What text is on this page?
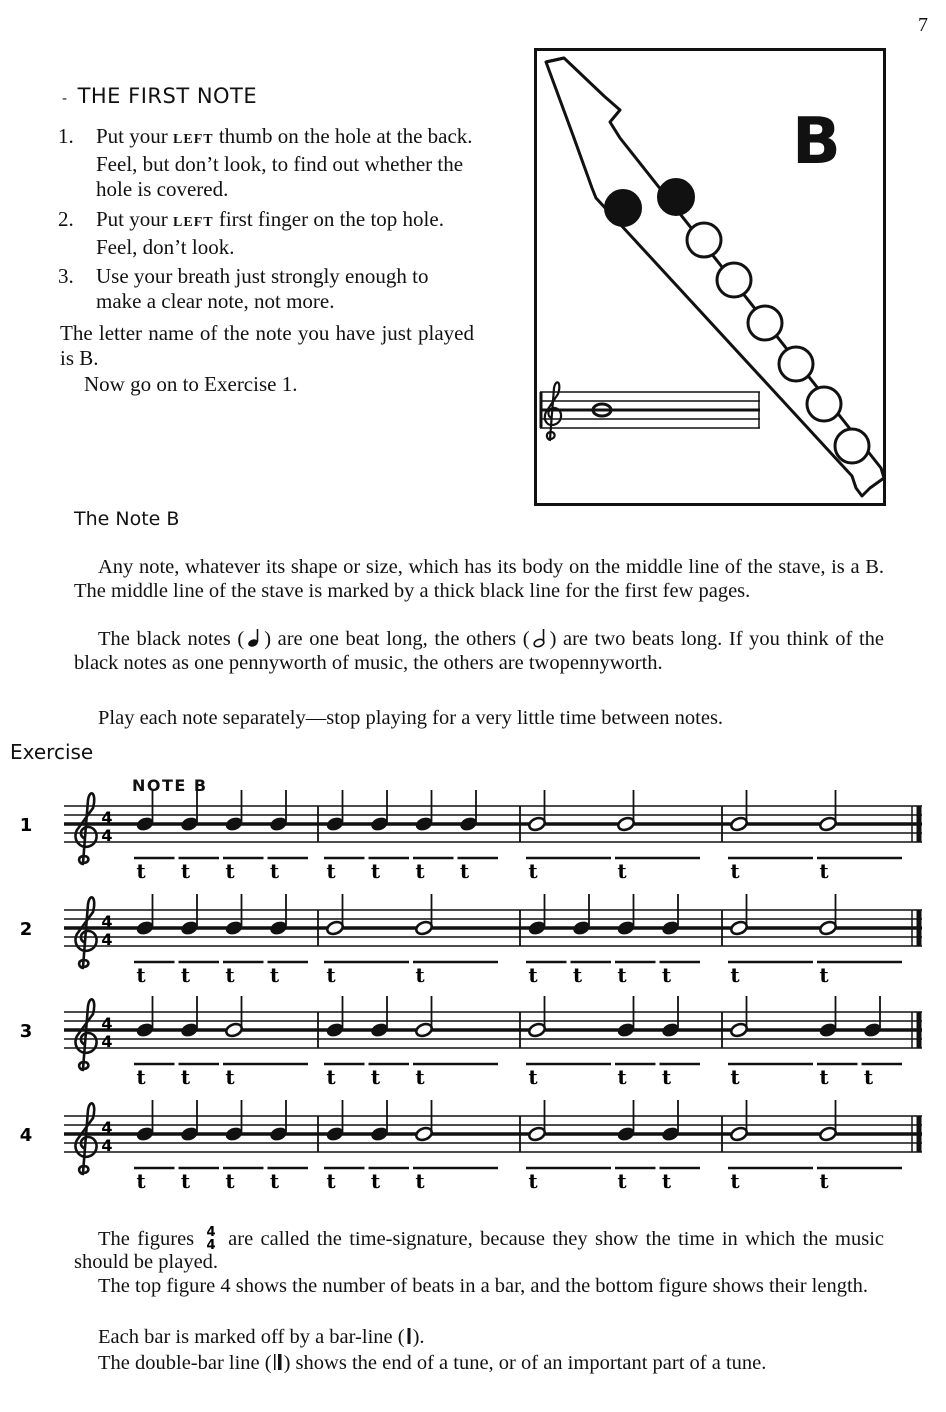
7
- THE FIRST NOTE
1. Put your LEFT thumb on the hole at the back. Feel, but don’t look, to find out whether the hole is covered.
2. Put your LEFT first finger on the top hole. Feel, don’t look.
3. Use your breath just strongly enough to make a clear note, not more.
The letter name of the note you have just played is B.
Now go on to Exercise 1.
B
The Note B
Any note, whatever its shape or size, which has its body on the middle line of the stave, is a B. The middle line of the stave is marked by a thick black line for the first few pages.
The black notes ( ) are one beat long, the others ( ) are two beats long. If you think of the black notes as one pennyworth of music, the others are twopennyworth.
Play each note separately—stop playing for a very little time between notes.
Exercise
NOTE B
1	4
4
t t t t t t t t	t	t	t	t
2	4
4
t t t t t	t	t t t t	t	t
3	4
4
t t t	t t t	t	t t	t	t t
4	4
4
t t t t t t t	t	t t	t	t
The figures 4
4 are called the time-signature, because they show the time in which the music should be played.
The top figure 4 shows the number of beats in a bar, and the bottom figure shows their length.
Each bar is marked off by a bar-line ( ).
The double-bar line ( ) shows the end of a tune, or of an important part of a tune.
